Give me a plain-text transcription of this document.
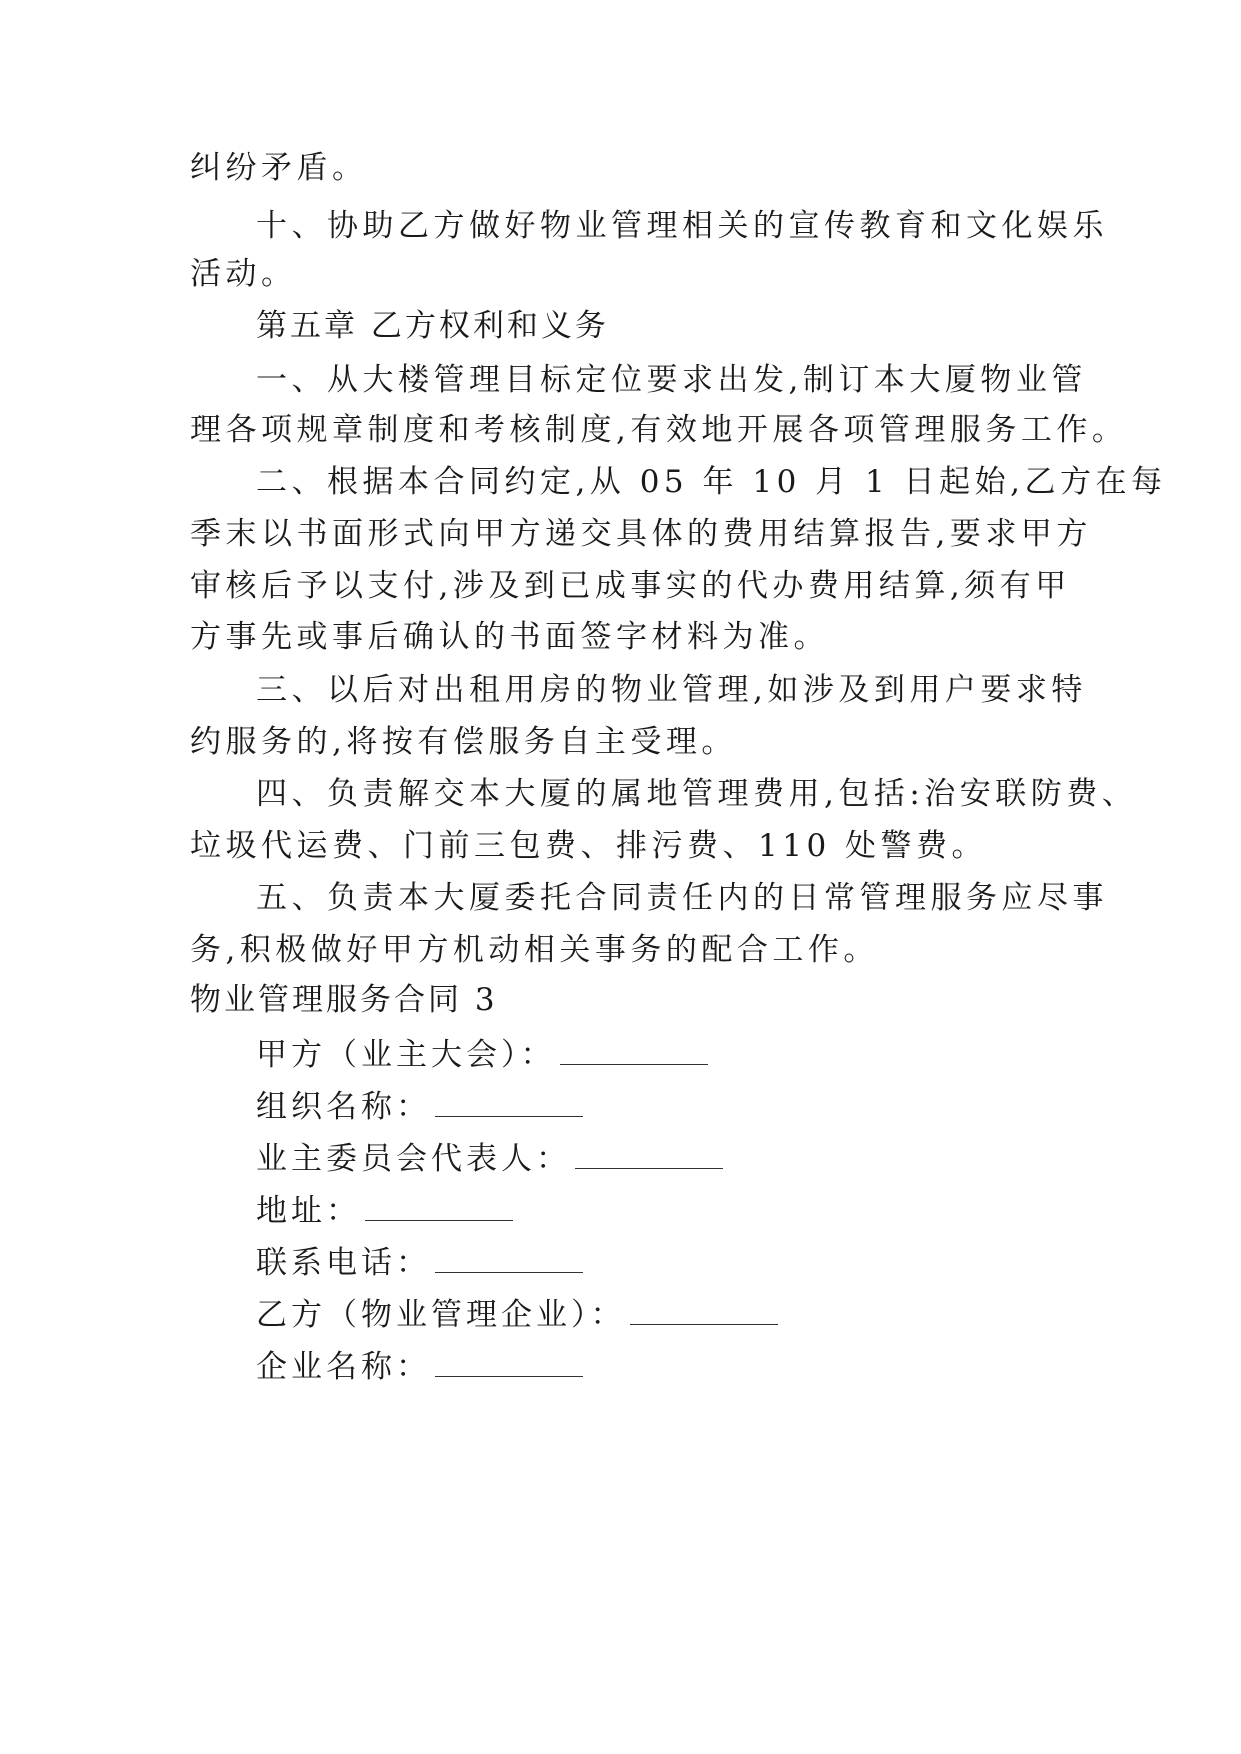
纠纷矛盾。
十、协助乙方做好物业管理相关的宣传教育和文化娱乐
活动。
第五章 乙方权利和义务
一、从大楼管理目标定位要求出发,制订本大厦物业管
理各项规章制度和考核制度,有效地开展各项管理服务工作。
二、根据本合同约定,从 05 年 10 月 1 日起始,乙方在每
季末以书面形式向甲方递交具体的费用结算报告,要求甲方
审核后予以支付,涉及到已成事实的代办费用结算,须有甲
方事先或事后确认的书面签字材料为准。
三、以后对出租用房的物业管理,如涉及到用户要求特
约服务的,将按有偿服务自主受理。
四、负责解交本大厦的属地管理费用,包括:治安联防费、
垃圾代运费、门前三包费、排污费、110 处警费。
五、负责本大厦委托合同责任内的日常管理服务应尽事
务,积极做好甲方机动相关事务的配合工作。
物业管理服务合同 3
甲方（业主大会）：
组织名称：
业主委员会代表人：
地址：
联系电话：
乙方（物业管理企业）：
企业名称：
